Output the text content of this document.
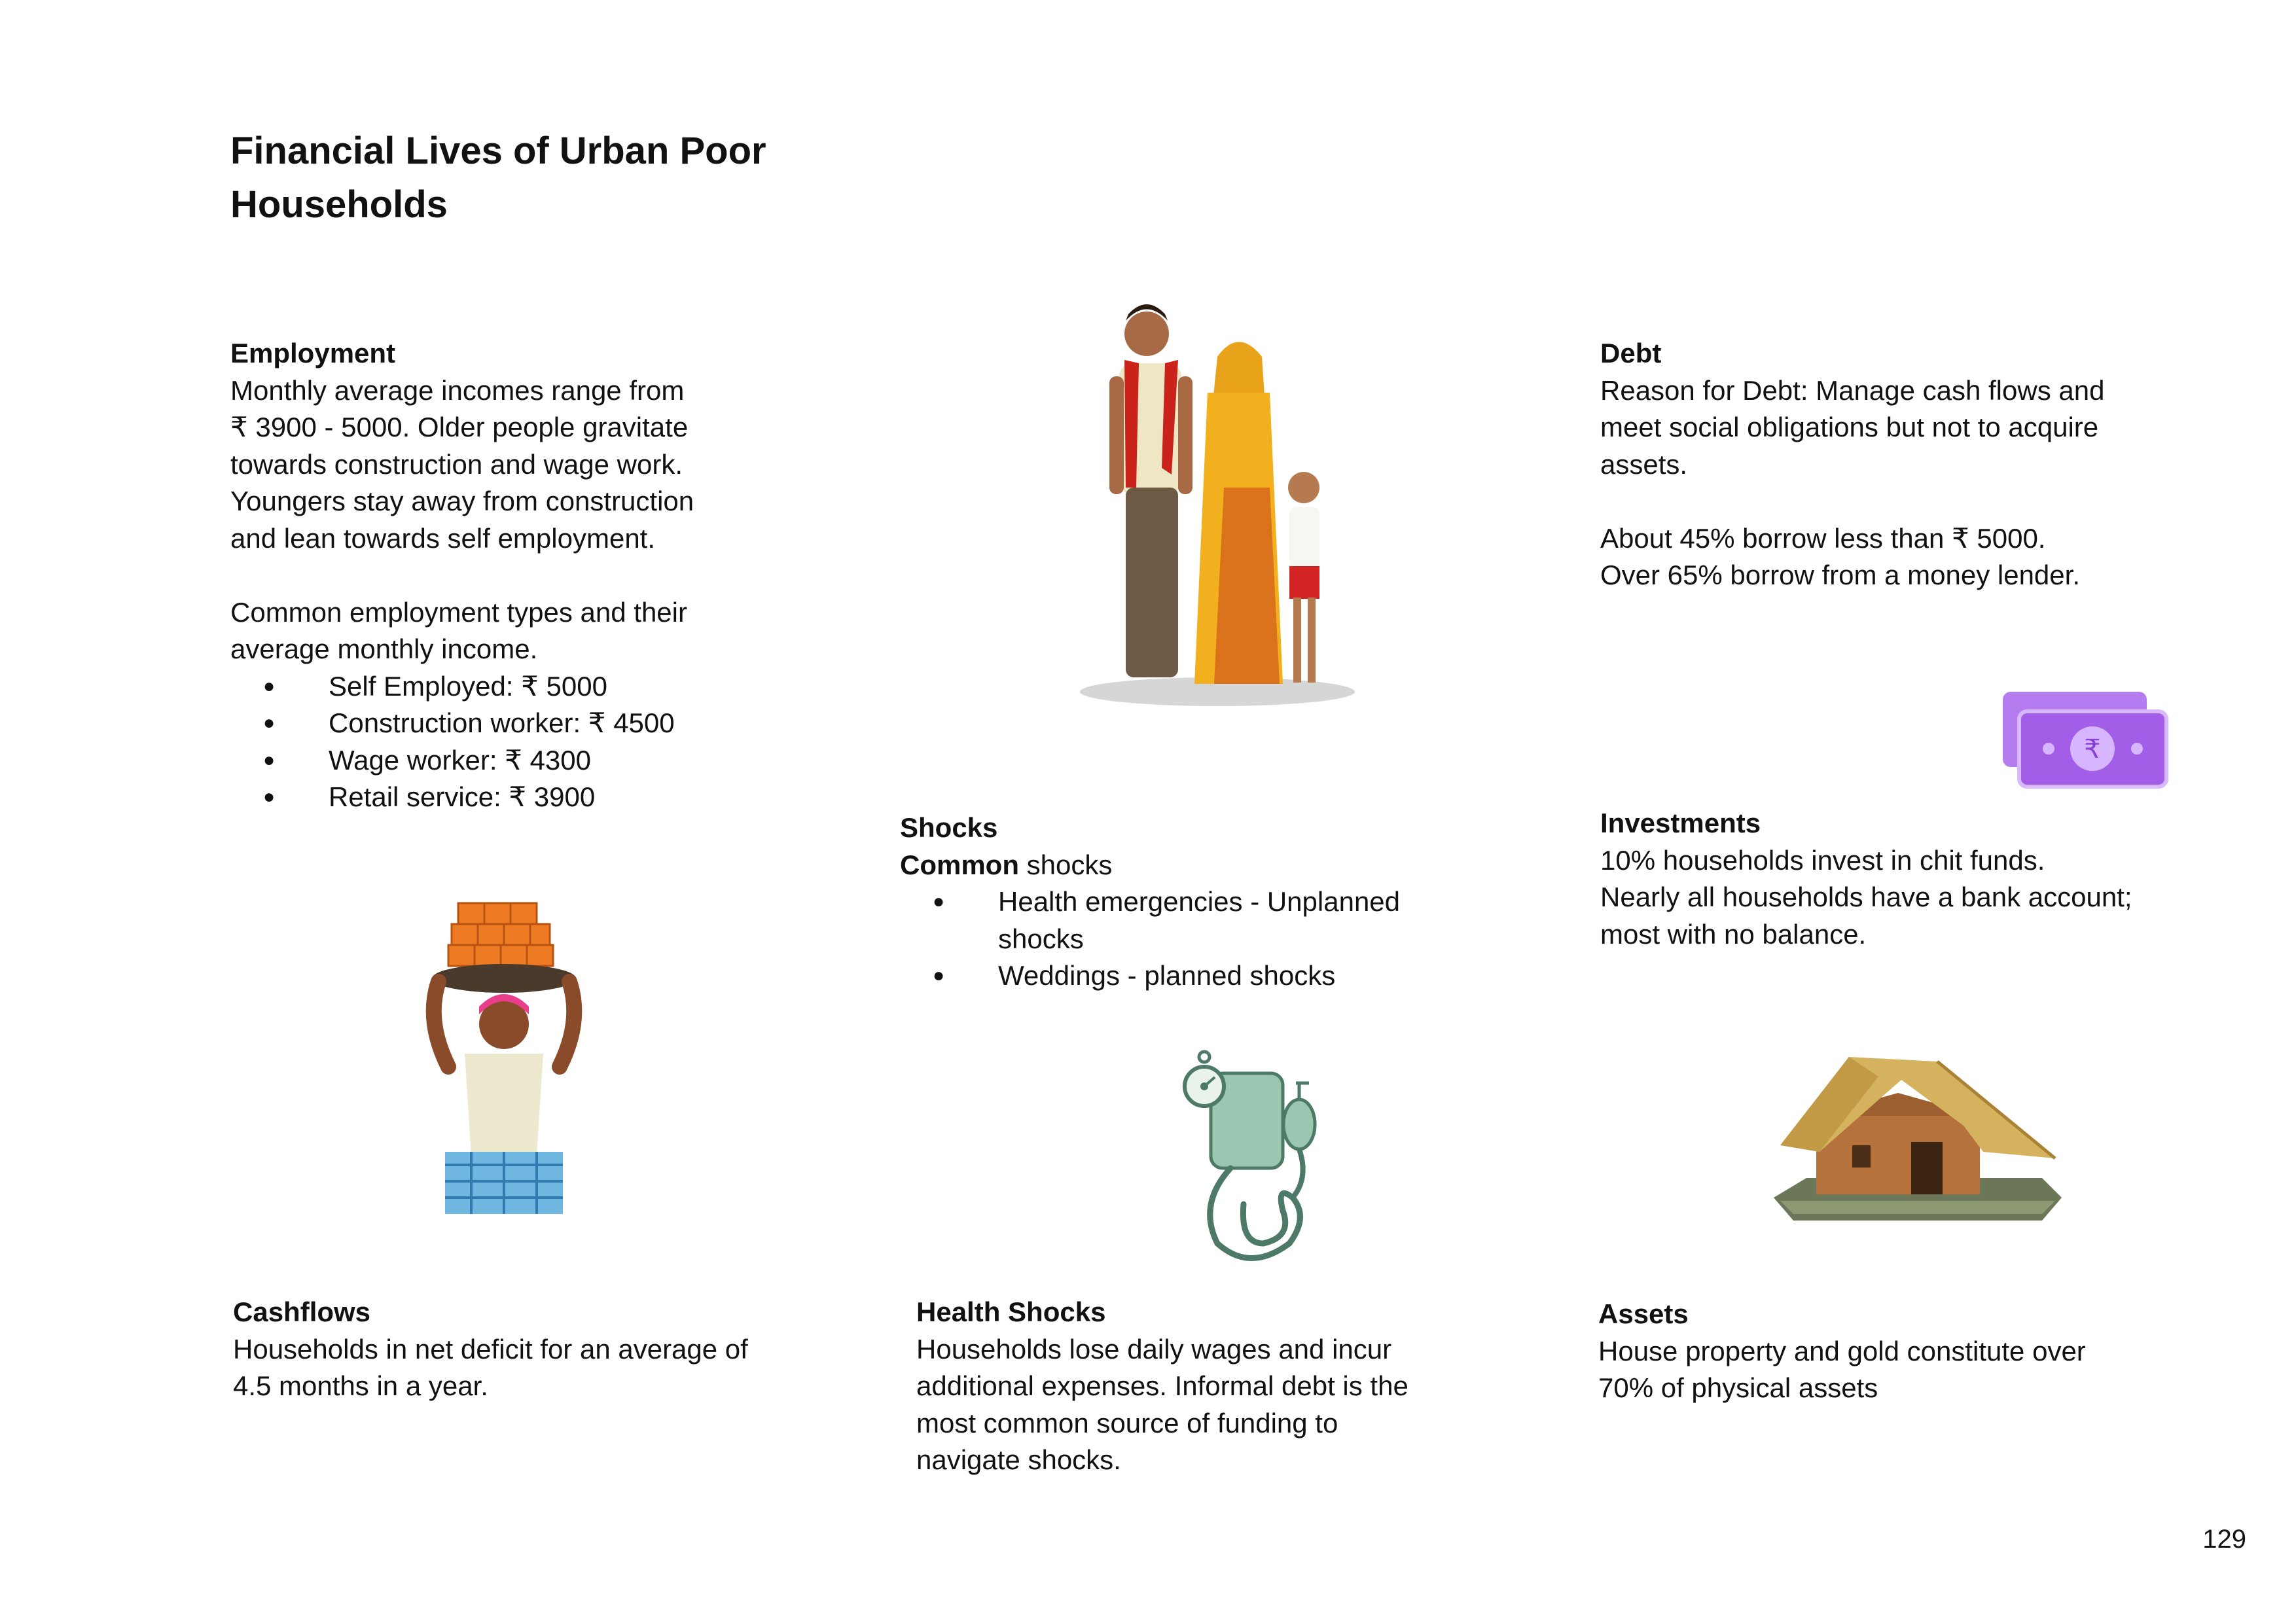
Financial Lives of Urban Poor Households
Employment

Monthly average incomes range from

₹ 3900 - 5000. Older people gravitate

towards construction and wage work.

Youngers stay away from construction

and lean towards self employment.

Common employment types and their

average monthly income.

● Self Employed: ₹ 5000
● Construction worker: ₹ 4500
● Wage worker: ₹ 4300
● Retail service: ₹ 3900
Debt

Reason for Debt: Manage cash flows and

meet social obligations but not to acquire

assets.

About 45% borrow less than ₹ 5000.

Over 65% borrow from a money lender.

Shocks

Common shocks

● Health emergencies - Unplanned shocks
● Weddings - planned shocks
Investments

10% households invest in chit funds.

Nearly all households have a bank account;

most with no balance.

Cashflows

Households in net deficit for an average of

4.5 months in a year.

Health Shocks

Households lose daily wages and incur

additional expenses. Informal debt is the

most common source of funding to

navigate shocks.

Assets

House property and gold constitute over

70% of physical assets

₹
129
